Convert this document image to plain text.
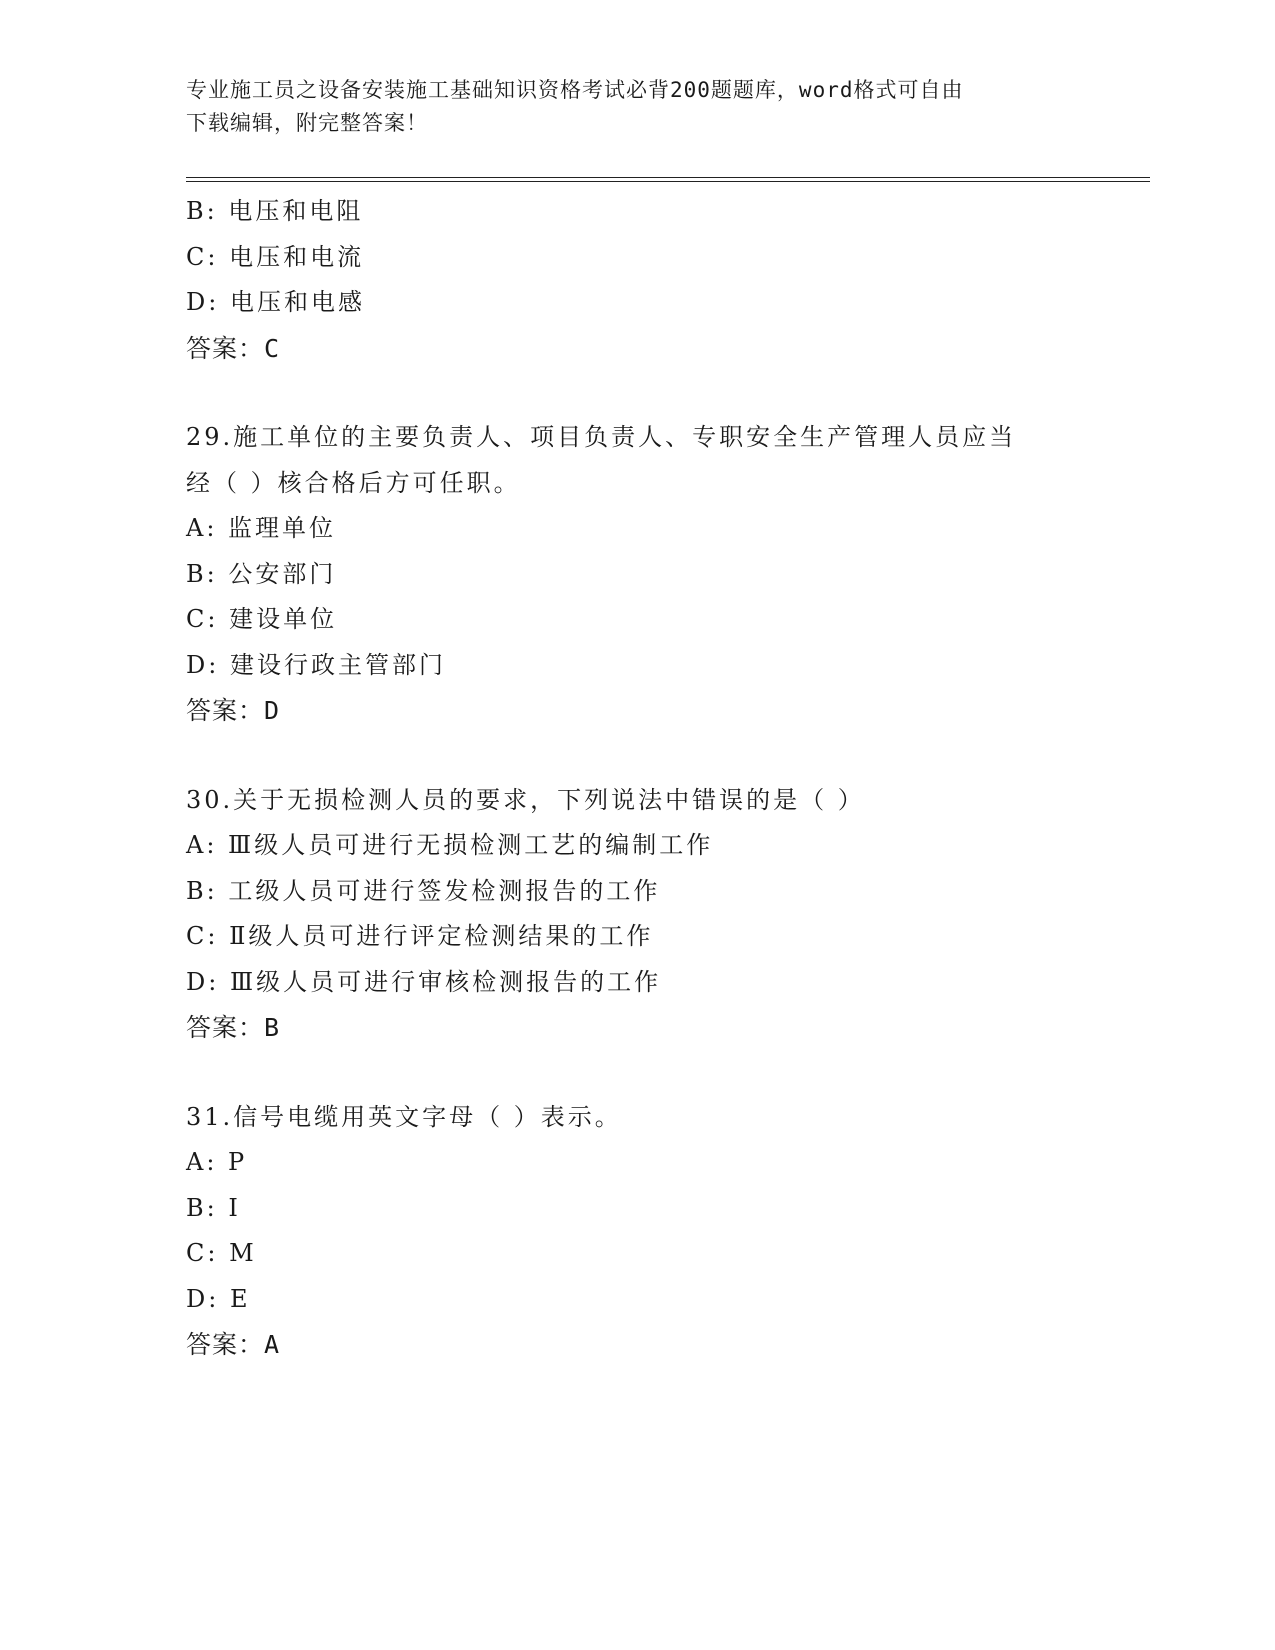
专业施工员之设备安装施工基础知识资格考试必背200题题库，word格式可自由
下载编辑，附完整答案！
B: 电压和电阻
C: 电压和电流
D: 电压和电感
答案：C
29.施工单位的主要负责人、项目负责人、专职安全生产管理人员应当
经（ ）核合格后方可任职。
A: 监理单位
B: 公安部门
C: 建设单位
D: 建设行政主管部门
答案：D
30.关于无损检测人员的要求，下列说法中错误的是（ ）
A: Ⅲ级人员可进行无损检测工艺的编制工作
B: 工级人员可进行签发检测报告的工作
C: Ⅱ级人员可进行评定检测结果的工作
D: Ⅲ级人员可进行审核检测报告的工作
答案：B
31.信号电缆用英文字母（ ）表示。
A: P
B: I
C: M
D: E
答案：A
